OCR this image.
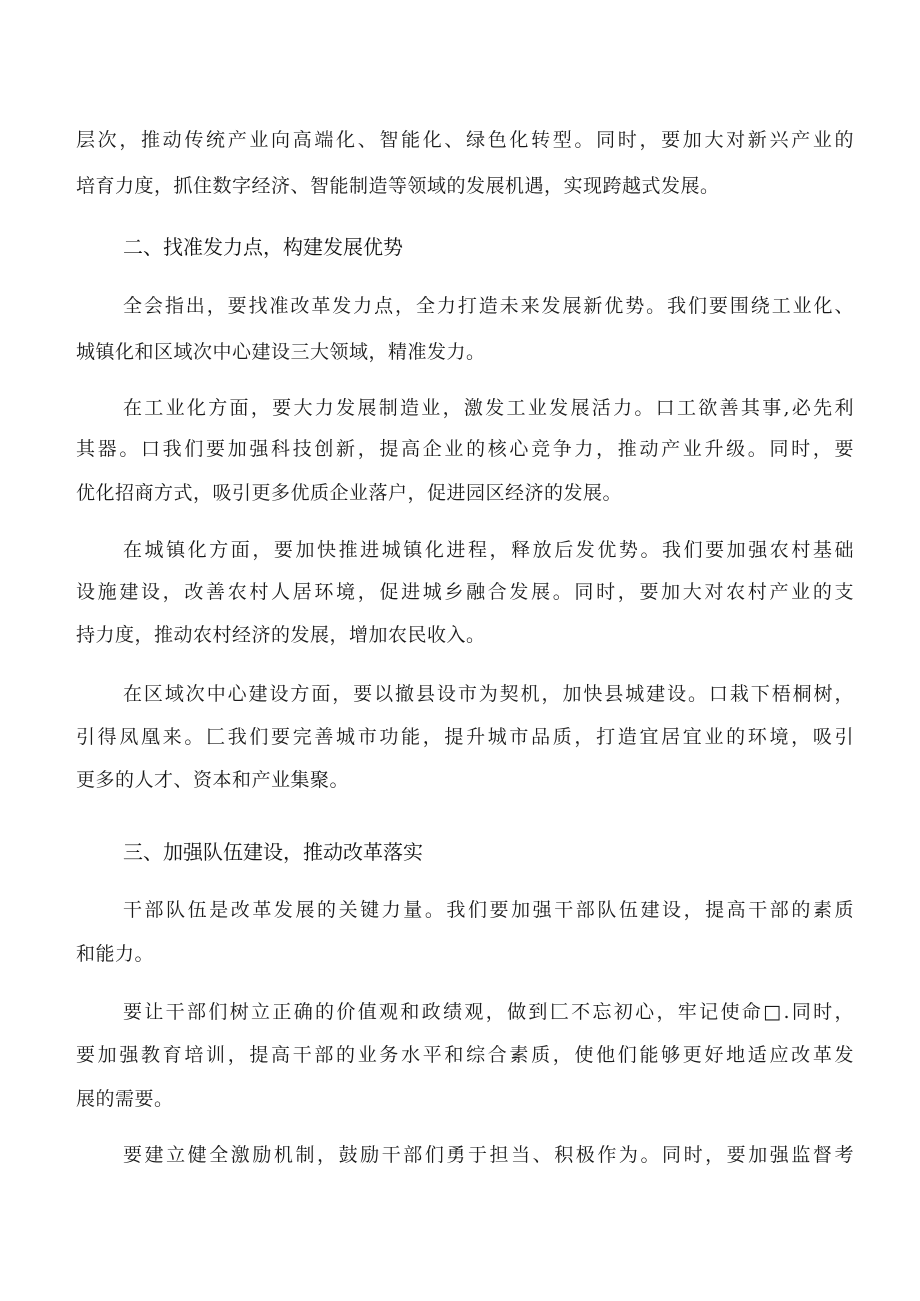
层次，推动传统产业向高端化、智能化、绿色化转型。同时，要加大对新兴产业的
培育力度，抓住数字经济、智能制造等领域的发展机遇，实现跨越式发展。
二、找准发力点，构建发展优势
全会指出，要找准改革发力点，全力打造未来发展新优势。我们要围绕工业化、
城镇化和区域次中心建设三大领域，精准发力。
在工业化方面，要大力发展制造业，激发工业发展活力。口工欲善其事,必先利
其器。口我们要加强科技创新，提高企业的核心竞争力，推动产业升级。同时，要
优化招商方式，吸引更多优质企业落户，促进园区经济的发展。
在城镇化方面，要加快推进城镇化进程，释放后发优势。我们要加强农村基础
设施建设，改善农村人居环境，促进城乡融合发展。同时，要加大对农村产业的支
持力度，推动农村经济的发展，增加农民收入。
在区域次中心建设方面，要以撤县设市为契机，加快县城建设。口栽下梧桐树，
引得凤凰来。匚我们要完善城市功能，提升城市品质，打造宜居宜业的环境，吸引
更多的人才、资本和产业集聚。
三、加强队伍建设，推动改革落实
干部队伍是改革发展的关键力量。我们要加强干部队伍建设，提高干部的素质
和能力。
要让干部们树立正确的价值观和政绩观，做到匚不忘初心，牢记使命□.同时，
要加强教育培训，提高干部的业务水平和综合素质，使他们能够更好地适应改革发
展的需要。
要建立健全激励机制，鼓励干部们勇于担当、积极作为。同时，要加强监督考
